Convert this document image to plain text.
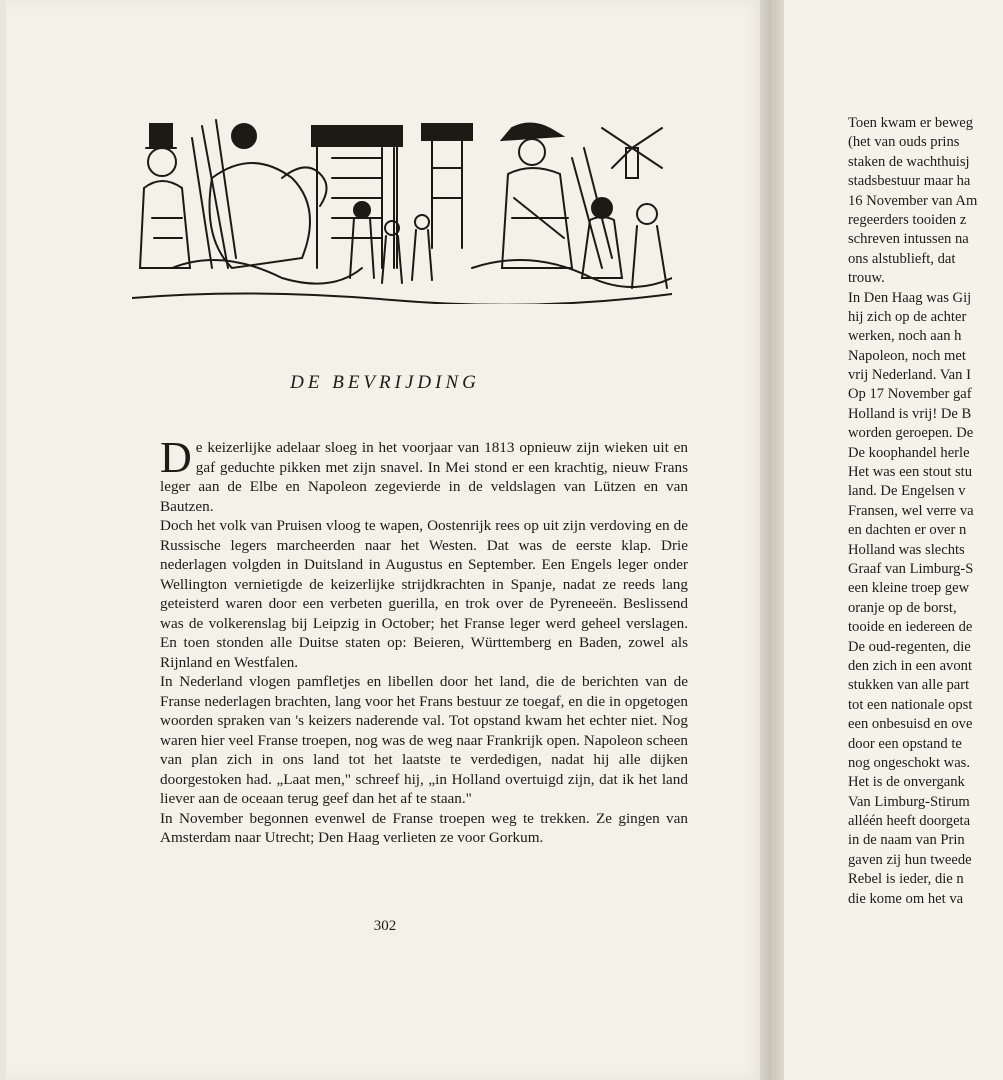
DE BEVRIJDING

De keizerlijke adelaar sloeg in het voorjaar van 1813 opnieuw zijn wieken uit en gaf geduchte pikken met zijn snavel. In Mei stond er een krachtig, nieuw Frans leger aan de Elbe en Napoleon zegevierde in de veldslagen van Lützen en van Bautzen.

Doch het volk van Pruisen vloog te wapen, Oostenrijk rees op uit zijn verdoving en de Russische legers marcheerden naar het Westen. Dat was de eerste klap. Drie nederlagen volgden in Duitsland in Augustus en September. Een Engels leger onder Wellington vernietigde de keizerlijke strijdkrachten in Spanje, nadat ze reeds lang geteisterd waren door een verbeten guerilla, en trok over de Pyreneeën. Beslissend was de volkerenslag bij Leipzig in October; het Franse leger werd geheel verslagen. En toen stonden alle Duitse staten op: Beieren, Württemberg en Baden, zowel als Rijnland en Westfalen.

In Nederland vlogen pamfletjes en libellen door het land, die de berichten van de Franse nederlagen brachten, lang voor het Frans bestuur ze toegaf, en die in opgetogen woorden spraken van 's keizers naderende val. Tot opstand kwam het echter niet. Nog waren hier veel Franse troepen, nog was de weg naar Frankrijk open. Napoleon scheen van plan zich in ons land tot het laatste te verdedigen, nadat hij alle dijken doorgestoken had. „Laat men," schreef hij, „in Holland overtuigd zijn, dat ik het land liever aan de oceaan terug geef dan het af te staan."

In November begonnen evenwel de Franse troepen weg te trekken. Ze gingen van Amsterdam naar Utrecht; Den Haag verlieten ze voor Gorkum.

302
Toen kwam er beweg
(het van ouds prins
staken de wachthuisj
stadsbestuur maar ha
16 November van Am
regeerders tooiden z
schreven intussen na
ons alstublieft, dat
trouw.
In Den Haag was Gij
hij zich op de achter
werken, noch aan h
Napoleon, noch met
vrij Nederland. Van I
Op 17 November gaf
Holland is vrij! De B
worden geroepen. De
De koophandel herle
Het was een stout stu
land. De Engelsen v
Fransen, wel verre va
en dachten er over n
Holland was slechts
Graaf van Limburg-S
een kleine troep gew
oranje op de borst,
tooide en iedereen de
De oud-regenten, die
den zich in een avont
stukken van alle part
tot een nationale opst
een onbesuisd en ove
door een opstand te
nog ongeschokt was.
Het is de onvergank
Van Limburg-Stirum
alléén heeft doorgeta
in de naam van Prin
gaven zij hun tweede
Rebel is ieder, die n
die kome om het va
